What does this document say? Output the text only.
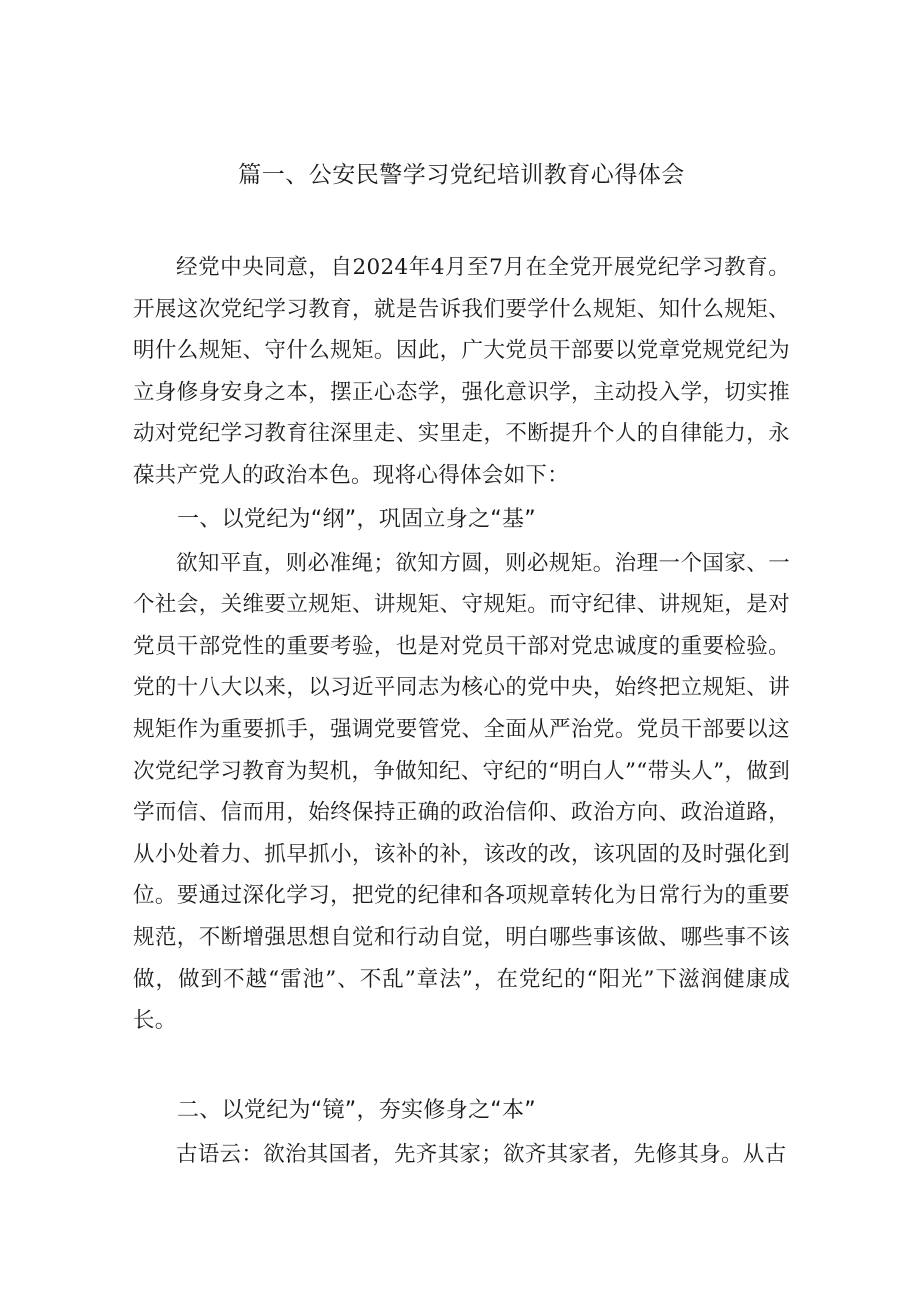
篇一、公安民警学习党纪培训教育心得体会

经党中央同意，自2024年4月至7月在全党开展党纪学习教育。开展这次党纪学习教育，就是告诉我们要学什么规矩、知什么规矩、明什么规矩、守什么规矩。因此，广大党员干部要以党章党规党纪为立身修身安身之本，摆正心态学，强化意识学，主动投入学，切实推动对党纪学习教育往深里走、实里走，不断提升个人的自律能力，永葆共产党人的政治本色。现将心得体会如下：

一、以党纪为“纲”，巩固立身之“基”

欲知平直，则必准绳；欲知方圆，则必规矩。治理一个国家、一个社会，关维要立规矩、讲规矩、守规矩。而守纪律、讲规矩，是对党员干部党性的重要考验，也是对党员干部对党忠诚度的重要检验。党的十八大以来，以习近平同志为核心的党中央，始终把立规矩、讲规矩作为重要抓手，强调党要管党、全面从严治党。党员干部要以这次党纪学习教育为契机，争做知纪、守纪的“明白人”“带头人”，做到学而信、信而用，始终保持正确的政治信仰、政治方向、政治道路，从小处着力、抓早抓小，该补的补，该改的改，该巩固的及时强化到位。要通过深化学习，把党的纪律和各项规章转化为日常行为的重要规范，不断增强思想自觉和行动自觉，明白哪些事该做、哪些事不该做，做到不越“雷池”、不乱”章法”，在党纪的“阳光”下滋润健康成长。

二、以党纪为“镜”，夯实修身之“本”

古语云：欲治其国者，先齐其家；欲齐其家者，先修其身。从古
